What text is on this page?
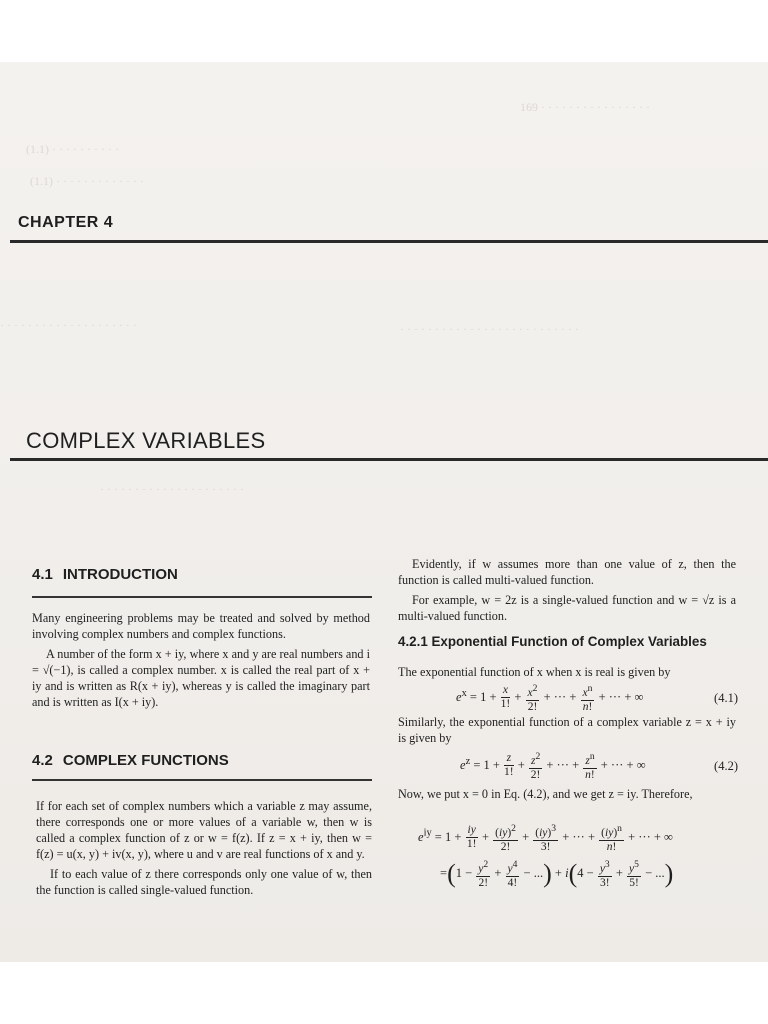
169 · · · · · · · · · · · · · · · ·
(1.1) · · · · · · · · · ·
(1.1) · · · · · · · · · · · · ·
· · · · · · · · · · · · · · · · · · · ·	· · · · · · · · · · · · · · · · · · · · · · · · · ·
· · · · · · · · · · · · · · · · · · · · ·
CHAPTER 4
COMPLEX VARIABLES
4.1 INTRODUCTION

Many engineering problems may be treated and solved by method involving complex numbers and complex functions.

A number of the form x + iy, where x and y are real numbers and i = √(−1), is called a complex number. x is called the real part of x + iy and is written as R(x + iy), whereas y is called the imaginary part and is written as I(x + iy).

4.2 COMPLEX FUNCTIONS

If for each set of complex numbers which a variable z may assume, there corresponds one or more values of a variable w, then w is called a complex function of z or w = f(z). If z = x + iy, then w = f(z) = u(x, y) + iv(x, y), where u and v are real functions of x and y.

If to each value of z there corresponds only one value of w, then the function is called single-valued function.

Evidently, if w assumes more than one value of z, then the function is called multi-valued function.

For example, w = 2z is a single-valued function and w = √z is a multi-valued function.

4.2.1 Exponential Function of Complex Variables

The exponential function of x when x is real is given by

$e^x = 1 + \frac{x}{1!} + \frac{x^2}{2!}$ + ··· + $\frac{x^n}{n!}$ + ··· + ∞	(4.1)

Similarly, the exponential function of a complex variable z = x + iy is given by

$e^z = 1 + \frac{z}{1!} + \frac{z^2}{2!}$ + ··· + $\frac{z^n}{n!}$ + ··· + ∞	(4.2)

Now, we put x = 0 in Eq. (4.2), and we get z = iy. Therefore,

$e^{iy} = 1 + \frac{iy}{1!} + \frac{(iy)^2}{2!} + \frac{(iy)^3}{3!}$ + ··· + $\frac{(iy)^n}{n!}$ + ··· + ∞
$=(1 - \frac{y^2}{2!} + \frac{y^4}{4!}$ − ...) + $i(4 - \frac{y^3}{3!} + \frac{y^5}{5!}$ − ...)
